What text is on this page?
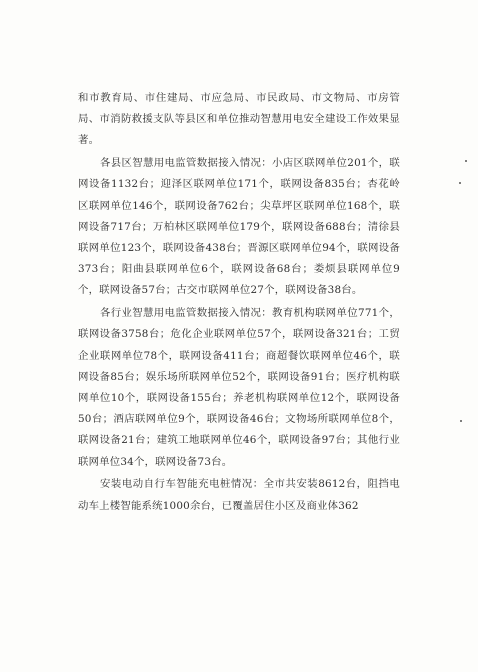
和市教育局、市住建局、市应急局、市民政局、市文物局、市房管局、市消防救援支队等县区和单位推动智慧用电安全建设工作效果显著。

各县区智慧用电监管数据接入情况：小店区联网单位201个，联网设备1132台；迎泽区联网单位171个，联网设备835台；杏花岭区联网单位146个，联网设备762台；尖草坪区联网单位168个，联网设备717台；万柏林区联网单位179个，联网设备688台；清徐县联网单位123个，联网设备438台；晋源区联网单位94个，联网设备373台；阳曲县联网单位6个，联网设备68台；娄烦县联网单位9个，联网设备57台；古交市联网单位27个，联网设备38台。

各行业智慧用电监管数据接入情况：教育机构联网单位771个，联网设备3758台；危化企业联网单位57个，联网设备321台；工贸企业联网单位78个，联网设备411台；商超餐饮联网单位46个，联网设备85台；娱乐场所联网单位52个，联网设备91台；医疗机构联网单位10个，联网设备155台；养老机构联网单位12个，联网设备50台；酒店联网单位9个，联网设备46台；文物场所联网单位8个，联网设备21台；建筑工地联网单位46个，联网设备97台；其他行业联网单位34个，联网设备73台。

安装电动自行车智能充电桩情况：全市共安装8612台，阻挡电动车上楼智能系统1000余台，已覆盖居住小区及商业体362
